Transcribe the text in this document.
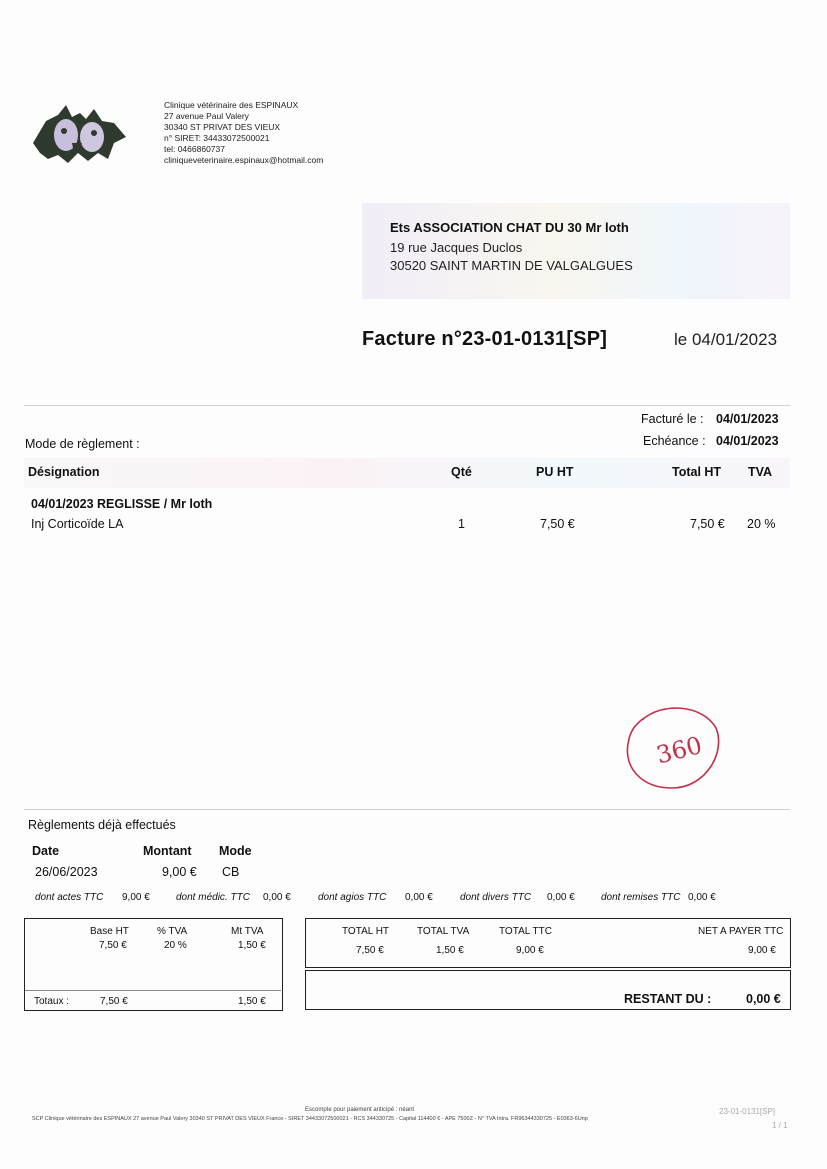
Clinique vétérinaire des ESPINAUX
27 avenue Paul Valery
30340 ST PRIVAT DES VIEUX
n° SIRET: 34433072500021
tel: 0466860737
cliniqueveterinaire.espinaux@hotmail.com
Ets ASSOCIATION CHAT DU 30 Mr loth
19 rue Jacques Duclos
30520 SAINT MARTIN DE VALGALGUES
Facture n°23-01-0131[SP]	le 04/01/2023
Facturé le : 04/01/2023
Echéance : 04/01/2023
Mode de règlement :
Désignation	Qté	PU HT	Total HT TVA
04/01/2023 REGLISSE / Mr loth
Inj Corticoïde LA	1	7,50 €	7,50 € 20 %
360
Règlements déjà effectués
Date	Montant Mode
26/06/2023	9,00 € CB
dont actes TTC 9,00 €	dont médic. TTC 0,00 €	dont agios TTC 0,00 €	dont divers TTC 0,00 €	dont remises TTC 0,00 €
Base HT	% TVA	Mt TVA
7,50 €	20 %	1,50 €
Totaux :	7,50 €	1,50 €
TOTAL HT	TOTAL TVA	TOTAL TTC	NET A PAYER TTC
7,50 €	1,50 €	9,00 €	9,00 €
RESTANT DU :	0,00 €
Escompte pour paiement anticipé : néant
SCP Clinique vétérinaire des ESPINAUX 27 avenue Paul Valery 30340 ST PRIVAT DES VIEUX France - SIRET 34433072500021 - RCS 344330725 - Capital 114400 € - APE 7500Z - N° TVA Intra. FR96344330725 - E0363-6Unp
23-01-0131[SP]
1 / 1
